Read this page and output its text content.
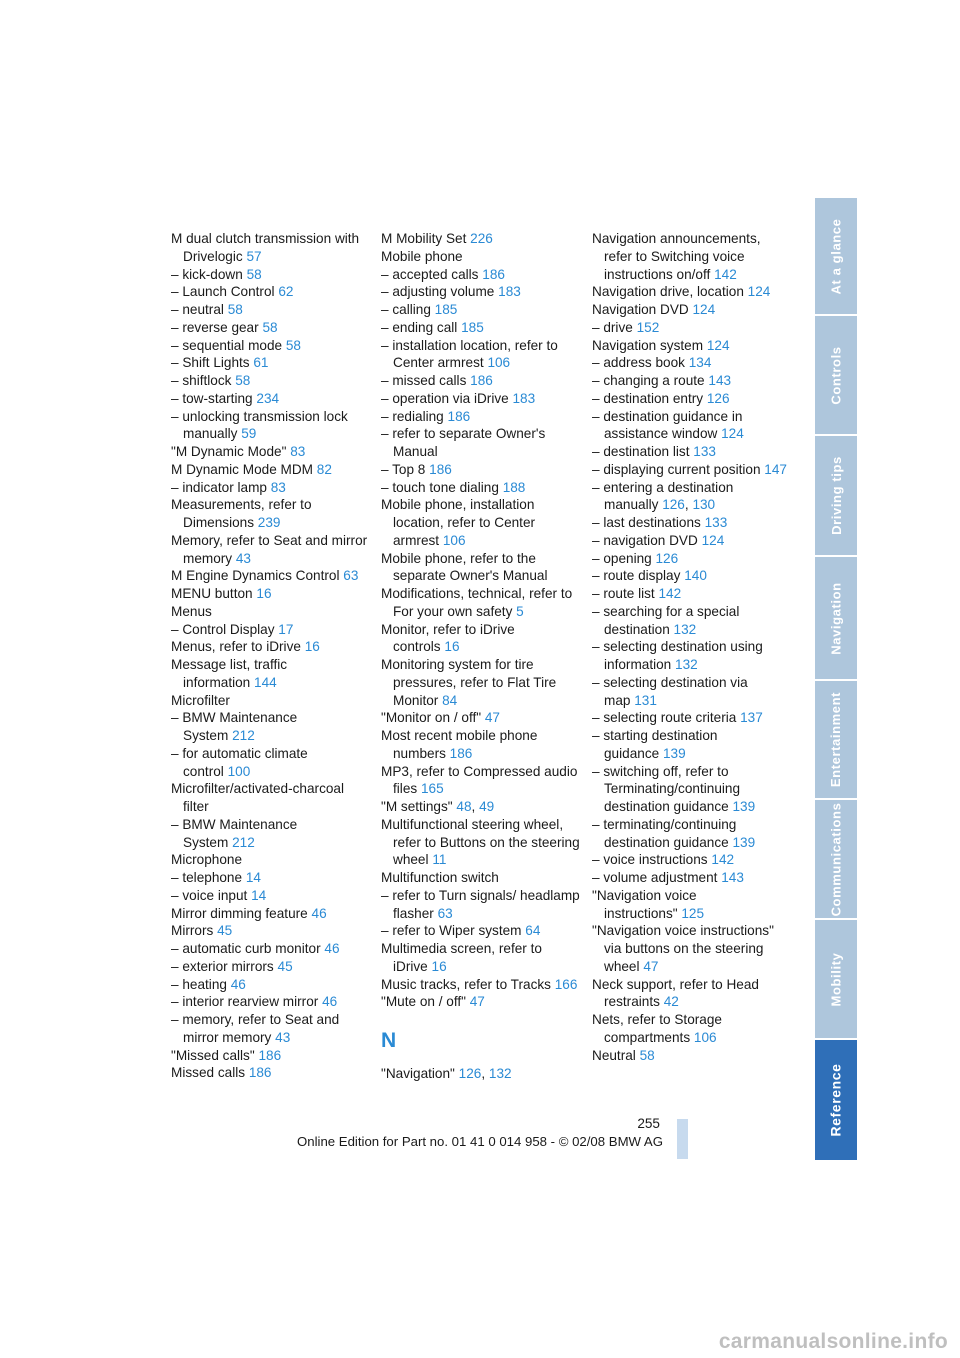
M dual clutch transmission with Drivelogic 57
– kick-down 58
– Launch Control 62
– neutral 58
– reverse gear 58
– sequential mode 58
– Shift Lights 61
– shiftlock 58
– tow-starting 234
– unlocking transmission lock manually 59
"M Dynamic Mode" 83
M Dynamic Mode MDM 82
– indicator lamp 83
Measurements, refer to Dimensions 239
Memory, refer to Seat and mirror memory 43
M Engine Dynamics Control 63
MENU button 16
Menus
– Control Display 17
Menus, refer to iDrive 16
Message list, traffic information 144
Microfilter
– BMW Maintenance System 212
– for automatic climate control 100
Microfilter/activated-charcoal filter
– BMW Maintenance System 212
Microphone
– telephone 14
– voice input 14
Mirror dimming feature 46
Mirrors 45
– automatic curb monitor 46
– exterior mirrors 45
– heating 46
– interior rearview mirror 46
– memory, refer to Seat and mirror memory 43
"Missed calls" 186
Missed calls 186
M Mobility Set 226
Mobile phone
– accepted calls 186
– adjusting volume 183
– calling 185
– ending call 185
– installation location, refer to Center armrest 106
– missed calls 186
– operation via iDrive 183
– redialing 186
– refer to separate Owner's Manual
– Top 8 186
– touch tone dialing 188
Mobile phone, installation location, refer to Center armrest 106
Mobile phone, refer to the separate Owner's Manual
Modifications, technical, refer to For your own safety 5
Monitor, refer to iDrive controls 16
Monitoring system for tire pressures, refer to Flat Tire Monitor 84
"Monitor on / off" 47
Most recent mobile phone numbers 186
MP3, refer to Compressed audio files 165
"M settings" 48, 49
Multifunctional steering wheel, refer to Buttons on the steering wheel 11
Multifunction switch
– refer to Turn signals/ headlamp flasher 63
– refer to Wiper system 64
Multimedia screen, refer to iDrive 16
Music tracks, refer to Tracks 166
"Mute on / off" 47
N
"Navigation" 126, 132
Navigation announcements, refer to Switching voice instructions on/off 142
Navigation drive, location 124
Navigation DVD 124
– drive 152
Navigation system 124
– address book 134
– changing a route 143
– destination entry 126
– destination guidance in assistance window 124
– destination list 133
– displaying current position 147
– entering a destination manually 126, 130
– last destinations 133
– navigation DVD 124
– opening 126
– route display 140
– route list 142
– searching for a special destination 132
– selecting destination using information 132
– selecting destination via map 131
– selecting route criteria 137
– starting destination guidance 139
– switching off, refer to Terminating/continuing destination guidance 139
– terminating/continuing destination guidance 139
– voice instructions 142
– volume adjustment 143
"Navigation voice instructions" 125
"Navigation voice instructions" via buttons on the steering wheel 47
Neck support, refer to Head restraints 42
Nets, refer to Storage compartments 106
Neutral 58
At a glance
Controls
Driving tips
Navigation
Entertainment
Communications
Mobility
Reference
255
Online Edition for Part no. 01 41 0 014 958 - © 02/08 BMW AG
carmanualsonline.info
